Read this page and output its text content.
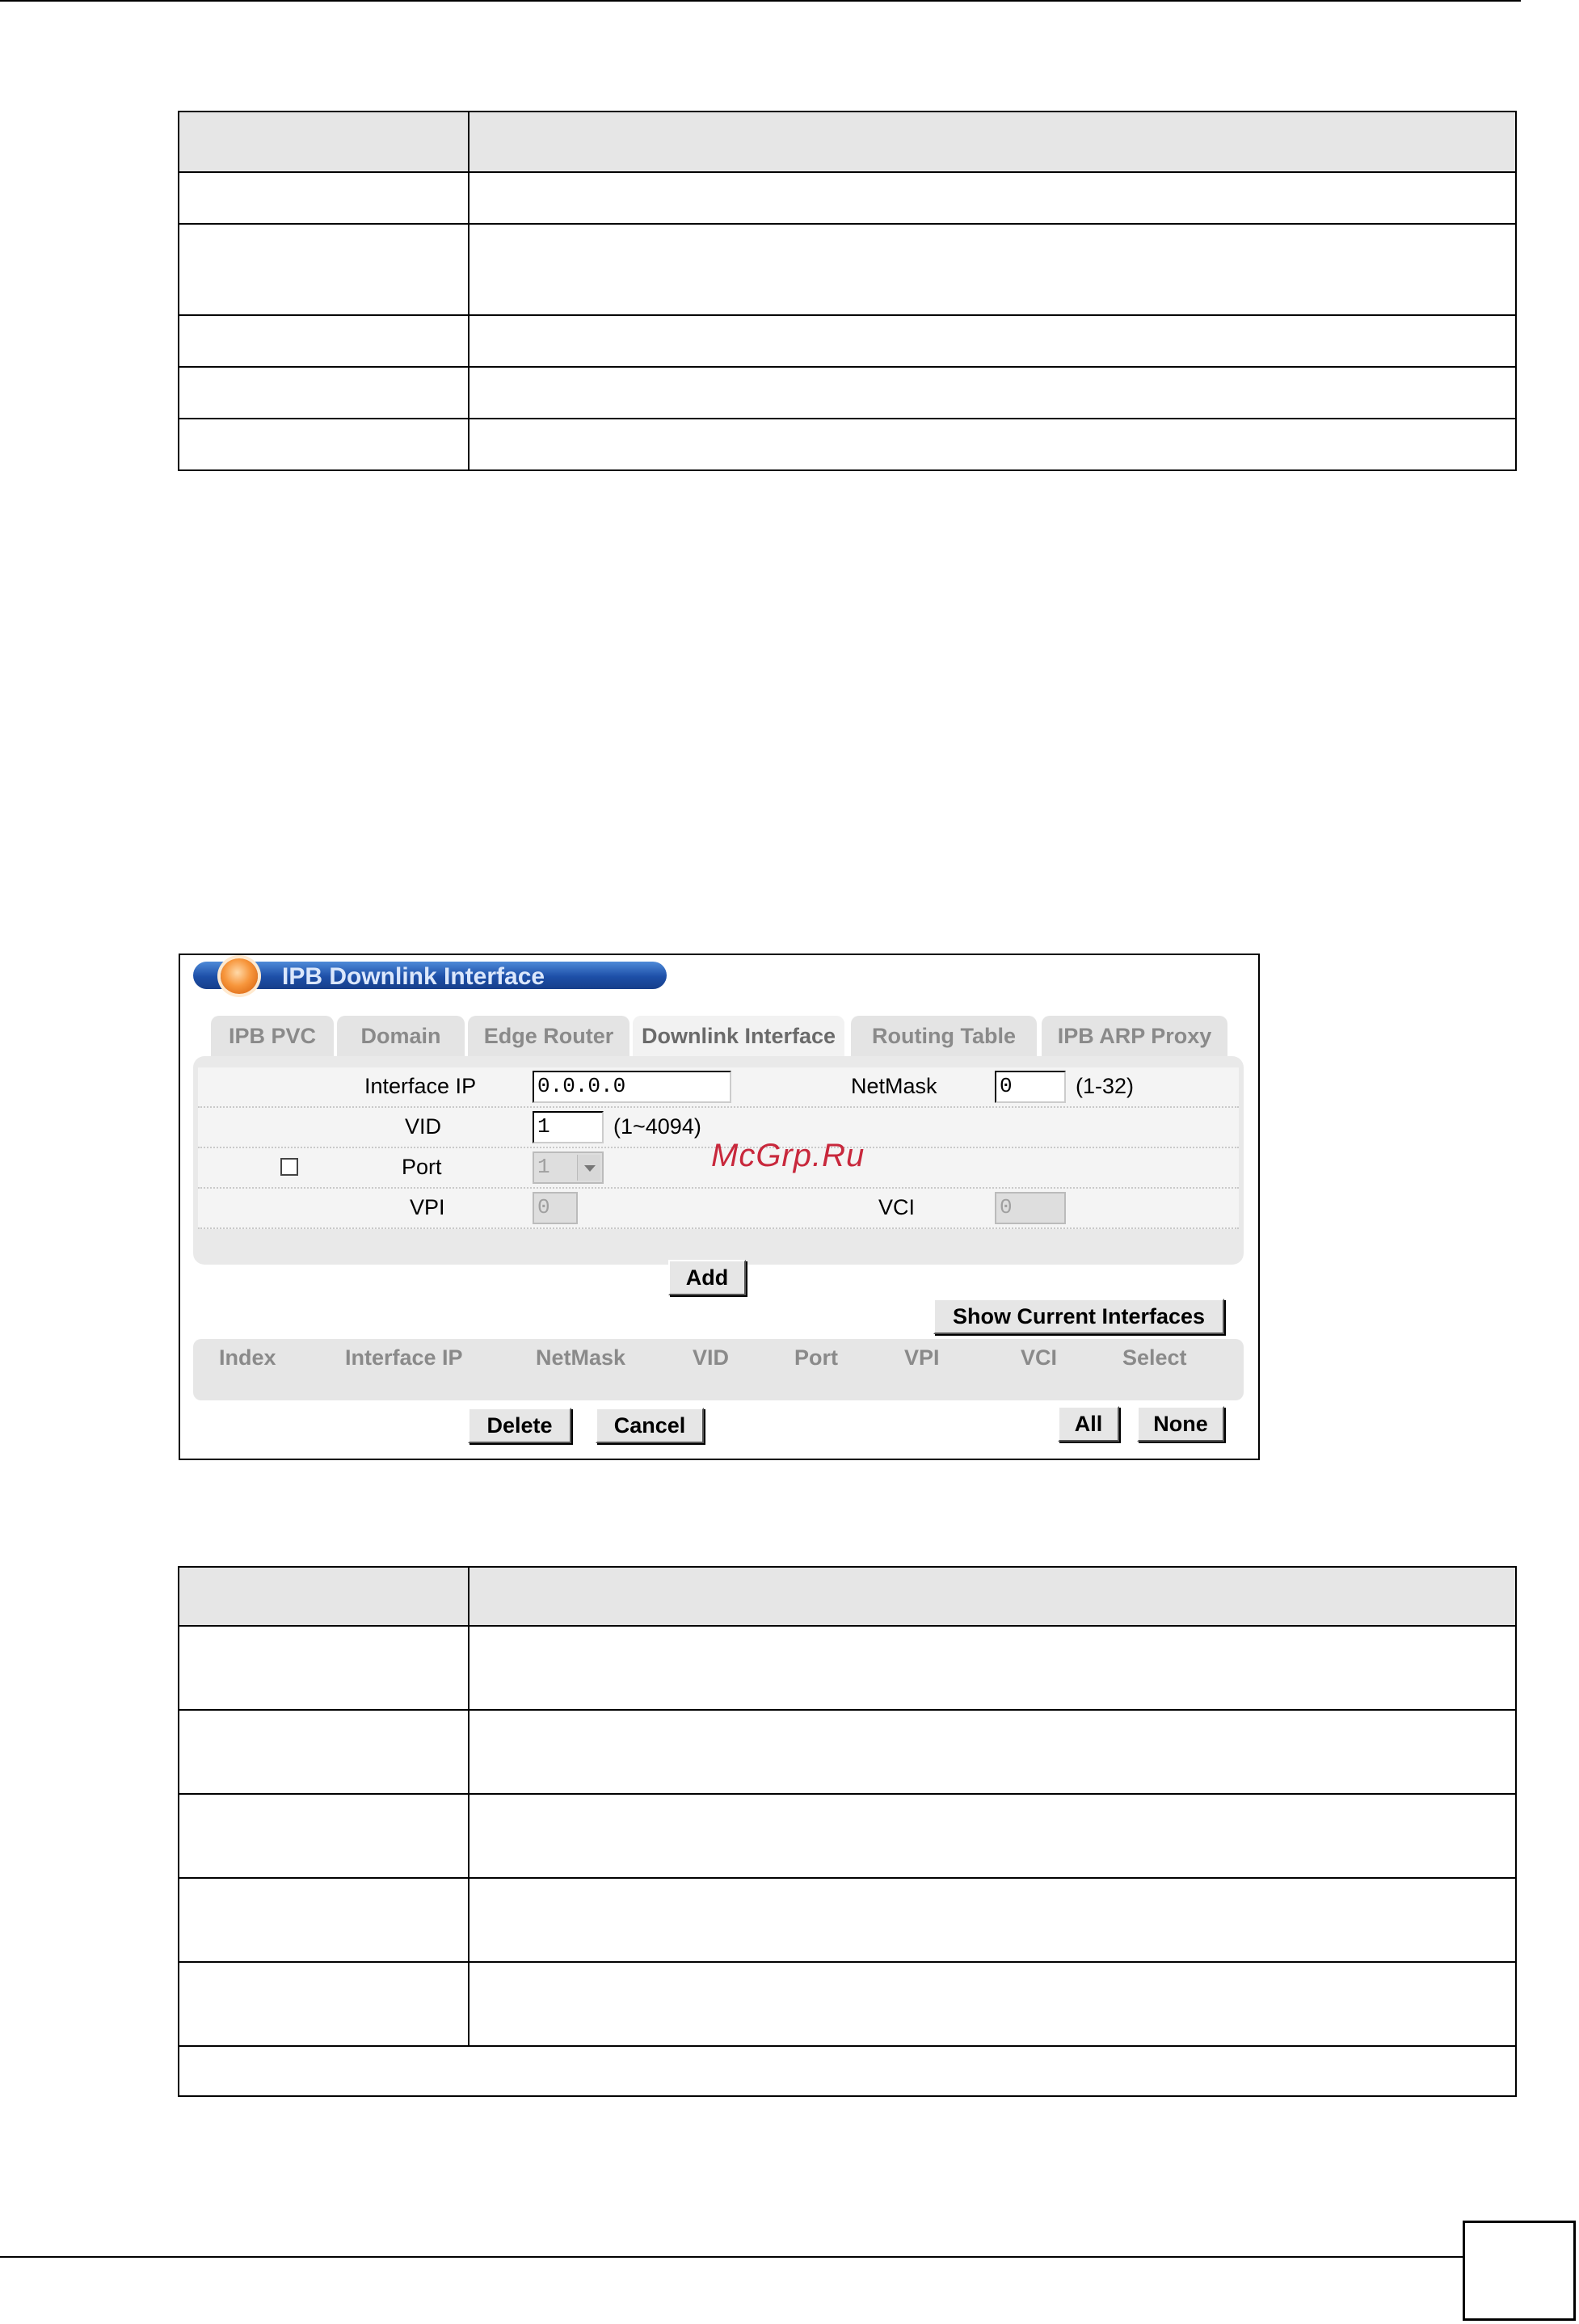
IPB Downlink Interface
IPB PVC	Domain	Edge Router	Downlink Interface	Routing Table	IPB ARP Proxy
Interface IP	0.0.0.0	NetMask	0	(1-32)
VID	1	(1~4094)
Port	1
VPI	0	VCI	0
Add
Show Current Interfaces
Index	Interface IP	NetMask	VID	Port	VPI	VCI	Select
Delete	Cancel	All	None
McGrp.Ru
